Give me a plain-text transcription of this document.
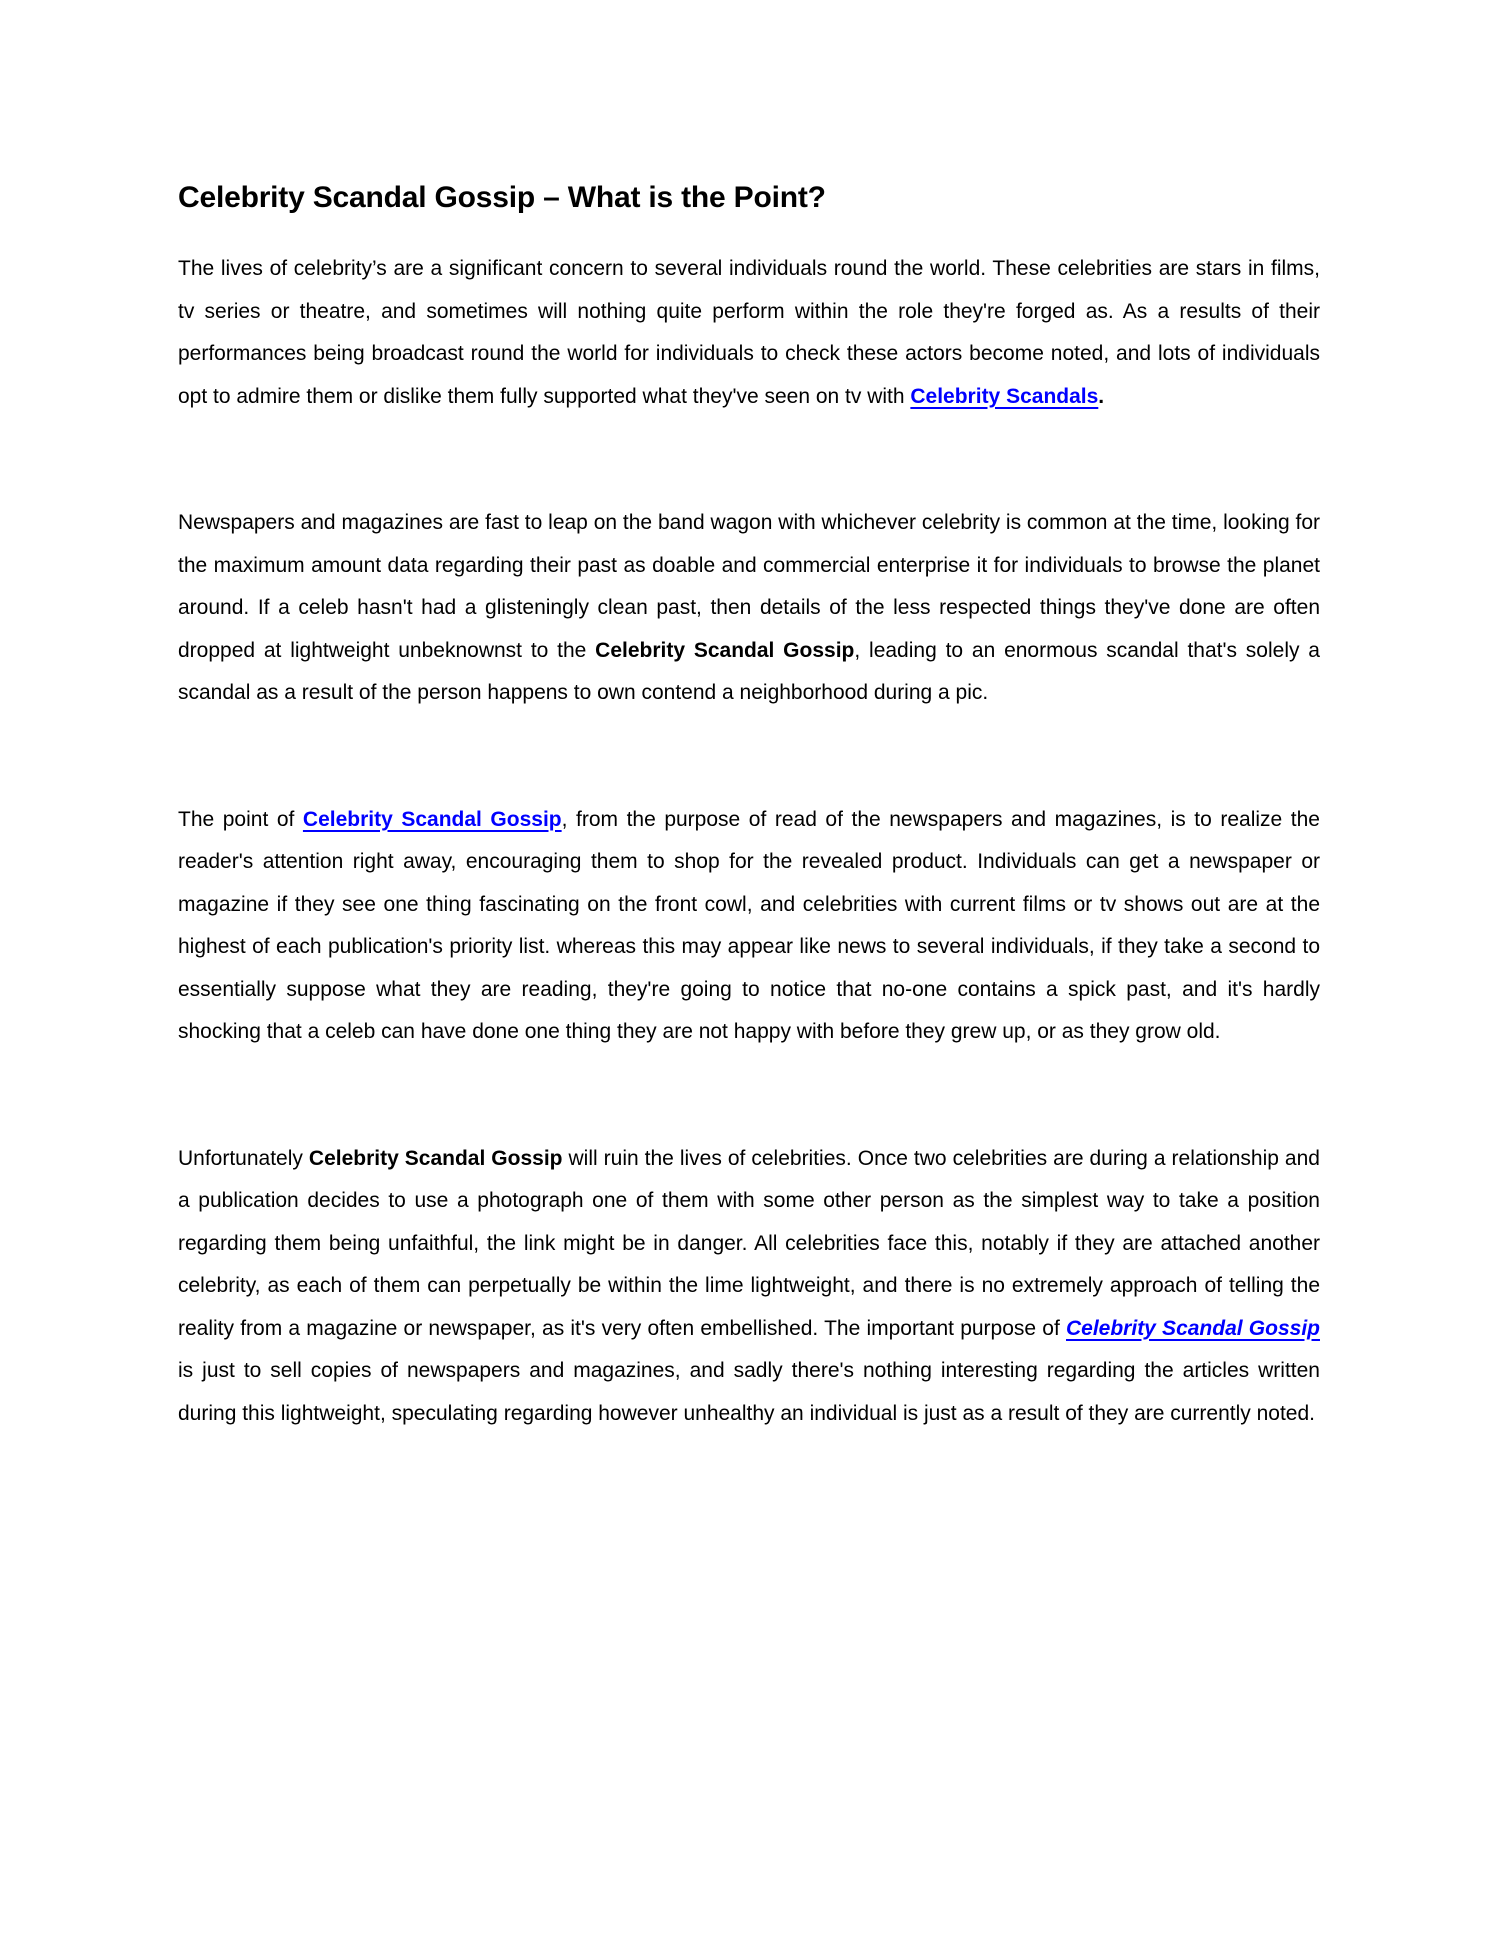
Celebrity Scandal Gossip – What is the Point?

The lives of celebrity’s are a significant concern to several individuals round the world. These celebrities are stars in films, tv series or theatre, and sometimes will nothing quite perform within the role they're forged as. As a results of their performances being broadcast round the world for individuals to check these actors become noted, and lots of individuals opt to admire them or dislike them fully supported what they've seen on tv with Celebrity Scandals.

Newspapers and magazines are fast to leap on the band wagon with whichever celebrity is common at the time, looking for the maximum amount data regarding their past as doable and commercial enterprise it for individuals to browse the planet around. If a celeb hasn't had a glisteningly clean past, then details of the less respected things they've done are often dropped at lightweight unbeknownst to the Celebrity Scandal Gossip, leading to an enormous scandal that's solely a scandal as a result of the person happens to own contend a neighborhood during a pic.

The point of Celebrity Scandal Gossip, from the purpose of read of the newspapers and magazines, is to realize the reader's attention right away, encouraging them to shop for the revealed product. Individuals can get a newspaper or magazine if they see one thing fascinating on the front cowl, and celebrities with current films or tv shows out are at the highest of each publication's priority list. whereas this may appear like news to several individuals, if they take a second to essentially suppose what they are reading, they're going to notice that no-one contains a spick past, and it's hardly shocking that a celeb can have done one thing they are not happy with before they grew up, or as they grow old.

Unfortunately Celebrity Scandal Gossip will ruin the lives of celebrities. Once two celebrities are during a relationship and a publication decides to use a photograph one of them with some other person as the simplest way to take a position regarding them being unfaithful, the link might be in danger. All celebrities face this, notably if they are attached another celebrity, as each of them can perpetually be within the lime lightweight, and there is no extremely approach of telling the reality from a magazine or newspaper, as it's very often embellished. The important purpose of Celebrity Scandal Gossip is just to sell copies of newspapers and magazines, and sadly there's nothing interesting regarding the articles written during this lightweight, speculating regarding however unhealthy an individual is just as a result of they are currently noted.
